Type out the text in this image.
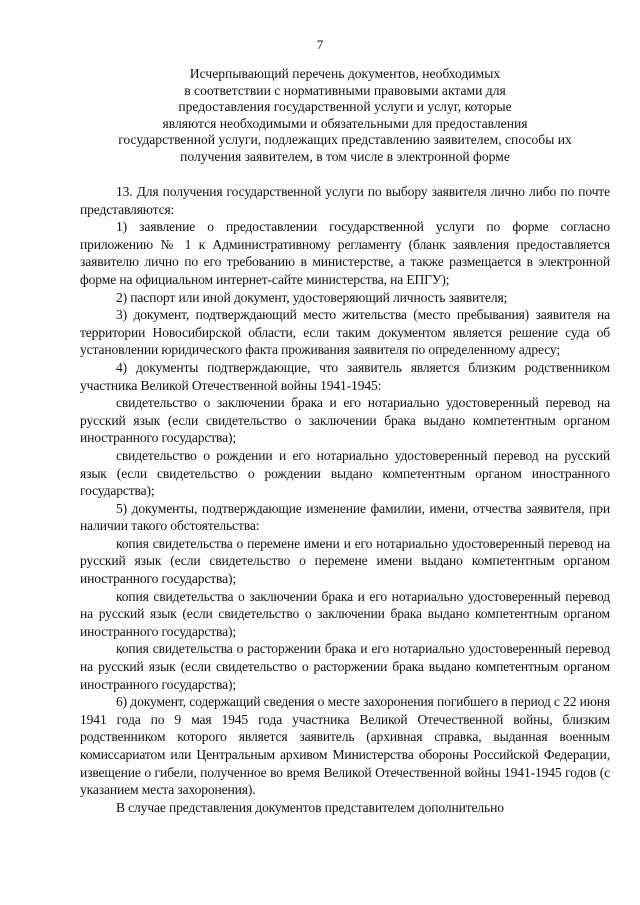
7
Исчерпывающий перечень документов, необходимых
в соответствии с нормативными правовыми актами для
предоставления государственной услуги и услуг, которые
являются необходимыми и обязательными для предоставления
государственной услуги, подлежащих представлению заявителем, способы их
получения заявителем, в том числе в электронной форме

13. Для получения государственной услуги по выбору заявителя лично либо по почте представляются:

1) заявление о предоставлении государственной услуги по форме согласно приложению № 1 к Административному регламенту (бланк заявления предоставляется заявителю лично по его требованию в министерстве, а также размещается в электронной форме на официальном интернет-сайте министерства, на ЕПГУ);

2) паспорт или иной документ, удостоверяющий личность заявителя;

3) документ, подтверждающий место жительства (место пребывания) заявителя на территории Новосибирской области, если таким документом является решение суда об установлении юридического факта проживания заявителя по определенному адресу;

4) документы подтверждающие, что заявитель является близким родственником участника Великой Отечественной войны 1941-1945:

свидетельство о заключении брака и его нотариально удостоверенный перевод на русский язык (если свидетельство о заключении брака выдано компетентным органом иностранного государства);

свидетельство о рождении и его нотариально удостоверенный перевод на русский язык (если свидетельство о рождении выдано компетентным органом иностранного государства);

5) документы, подтверждающие изменение фамилии, имени, отчества заявителя, при наличии такого обстоятельства:

копия свидетельства о перемене имени и его нотариально удостоверенный перевод на русский язык (если свидетельство о перемене имени выдано компетентным органом иностранного государства);

копия свидетельства о заключении брака и его нотариально удостоверенный перевод на русский язык (если свидетельство о заключении брака выдано компетентным органом иностранного государства);

копия свидетельства о расторжении брака и его нотариально удостоверенный перевод на русский язык (если свидетельство о расторжении брака выдано компетентным органом иностранного государства);

6) документ, содержащий сведения о месте захоронения погибшего в период с 22 июня 1941 года по 9 мая 1945 года участника Великой Отечественной войны, близким родственником которого является заявитель (архивная справка, выданная военным комиссариатом или Центральным архивом Министерства обороны Российской Федерации, извещение о гибели, полученное во время Великой Отечественной войны 1941-1945 годов (с указанием места захоронения).

В случае представления документов представителем дополнительно
